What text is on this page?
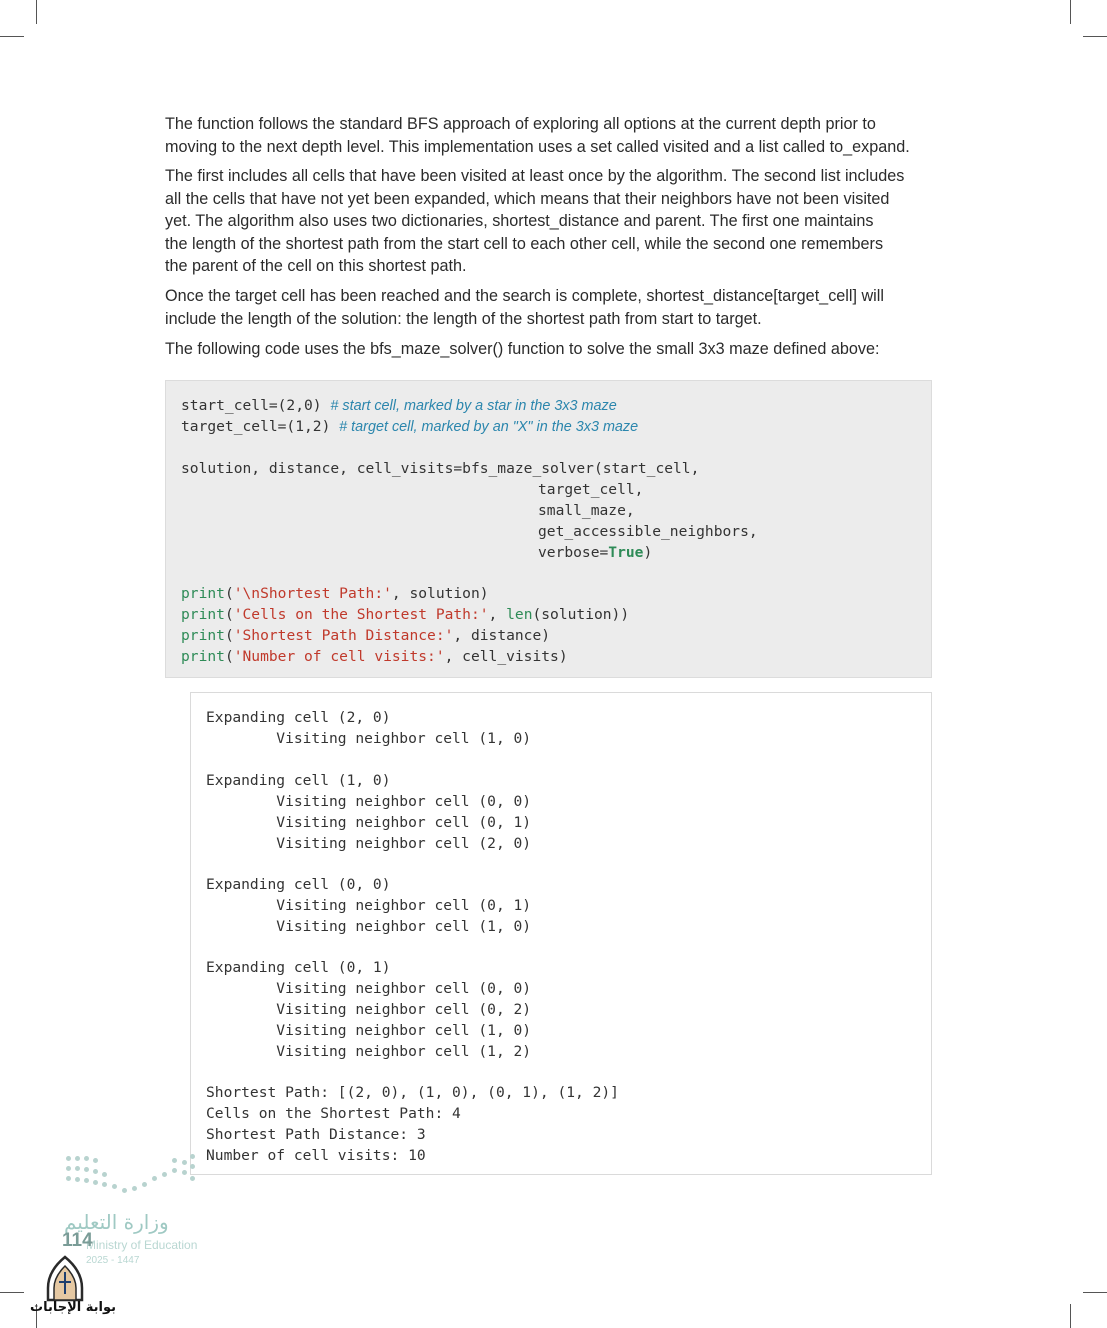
The function follows the standard BFS approach of exploring all options at the current depth prior to
moving to the next depth level. This implementation uses a set called visited and a list called to_expand.
The first includes all cells that have been visited at least once by the algorithm. The second list includes
all the cells that have not yet been expanded, which means that their neighbors have not been visited
yet. The algorithm also uses two dictionaries, shortest_distance and parent. The first one maintains
the length of the shortest path from the start cell to each other cell, while the second one remembers
the parent of the cell on this shortest path.
Once the target cell has been reached and the search is complete, shortest_distance[target_cell] will
include the length of the solution: the length of the shortest path from start to target.
The following code uses the bfs_maze_solver() function to solve the small 3x3 maze defined above:
start_cell=(2,0) # start cell, marked by a star in the 3x3 maze
target_cell=(1,2) # target cell, marked by an "X" in the 3x3 maze
solution, distance, cell_visits=bfs_maze_solver(start_cell,
target_cell,
small_maze,
get_accessible_neighbors,
verbose=True)
print('\nShortest Path:', solution)
print('Cells on the Shortest Path:', len(solution))
print('Shortest Path Distance:', distance)
print('Number of cell visits:', cell_visits)
Expanding cell (2, 0)
Visiting neighbor cell (1, 0)
Expanding cell (1, 0)
Visiting neighbor cell (0, 0)
Visiting neighbor cell (0, 1)
Visiting neighbor cell (2, 0)
Expanding cell (0, 0)
Visiting neighbor cell (0, 1)
Visiting neighbor cell (1, 0)
Expanding cell (0, 1)
Visiting neighbor cell (0, 0)
Visiting neighbor cell (0, 2)
Visiting neighbor cell (1, 0)
Visiting neighbor cell (1, 2)
Shortest Path: [(2, 0), (1, 0), (0, 1), (1, 2)]
Cells on the Shortest Path: 4
Shortest Path Distance: 3
Number of cell visits: 10
وزارة التعليم
Ministry of Education
2025 - 1447
114
بوابة الإجابات
